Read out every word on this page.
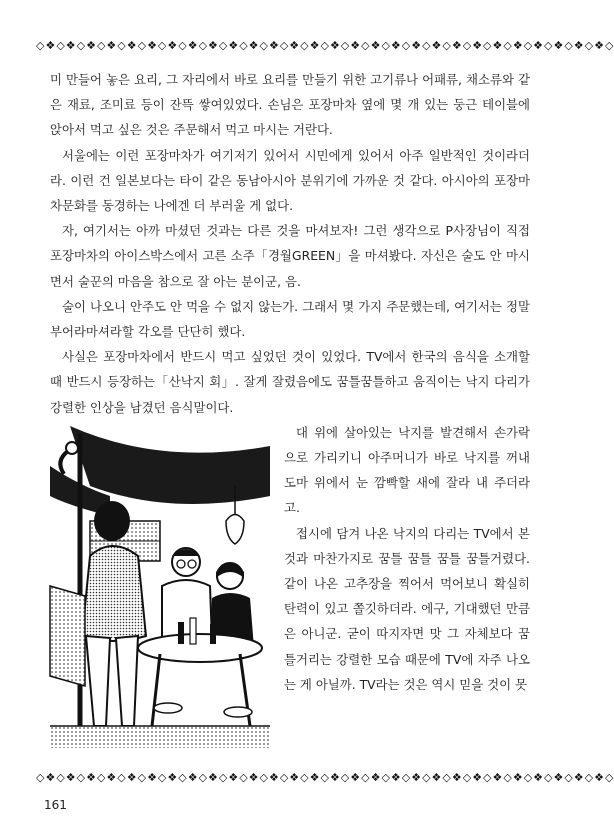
◇❖◇❖◇❖◇❖◇❖◇❖◇❖◇❖◇❖◇❖◇❖◇❖◇❖◇❖◇❖◇❖◇❖◇❖◇❖◇❖◇❖◇❖◇❖◇❖◇❖◇❖◇❖◇❖◇

미 만들어 놓은 요리, 그 자리에서 바로 요리를 만들기 위한 고기류나 어패류, 채소류와 같은 재료, 조미료 등이 잔뜩 쌓여있었다. 손님은 포장마차 옆에 몇 개 있는 둥근 테이블에 앉아서 먹고 싶은 것은 주문해서 먹고 마시는 거란다.

서울에는 이런 포장마차가 여기저기 있어서 시민에게 있어서 아주 일반적인 것이라더라. 이런 건 일본보다는 타이 같은 동남아시아 분위기에 가까운 것 같다. 아시아의 포장마차문화를 동경하는 나에겐 더 부러울 게 없다.

자, 여기서는 아까 마셨던 것과는 다른 것을 마셔보자! 그런 생각으로 P사장님이 직접 포장마차의 아이스박스에서 고른 소주「경월GREEN」을 마셔봤다. 자신은 술도 안 마시면서 술꾼의 마음을 참으로 잘 아는 분이군, 음.

술이 나오니 안주도 안 먹을 수 없지 않는가. 그래서 몇 가지 주문했는데, 여기서는 정말 부어라마셔라할 각오를 단단히 했다.

사실은 포장마차에서 반드시 먹고 싶었던 것이 있었다. TV에서 한국의 음식을 소개할 때 반드시 등장하는「산낙지 회」. 잘게 잘렸음에도 꿈틀꿈틀하고 움직이는 낙지 다리가 강렬한 인상을 남겼던 음식말이다.

대 위에 살아있는 낙지를 발견해서 손가락으로 가리키니 아주머니가 바로 낙지를 꺼내 도마 위에서 눈 깜빡할 새에 잘라 내 주더라고.

접시에 담겨 나온 낙지의 다리는 TV에서 본 것과 마찬가지로 꿈틀 꿈틀 꿈틀 꿈틀거렸다. 같이 나온 고추장을 찍어서 먹어보니 확실히 탄력이 있고 쫄깃하더라. 에구, 기대했던 만큼은 아니군. 굳이 따지자면 맛 그 자체보다 꿈틀거리는 강렬한 모습 때문에 TV에 자주 나오는 게 아닐까. TV라는 것은 역시 믿을 것이 못

◇❖◇❖◇❖◇❖◇❖◇❖◇❖◇❖◇❖◇❖◇❖◇❖◇❖◇❖◇❖◇❖◇❖◇❖◇❖◇❖◇❖◇❖◇❖◇❖◇❖◇❖◇❖◇❖◇
161
